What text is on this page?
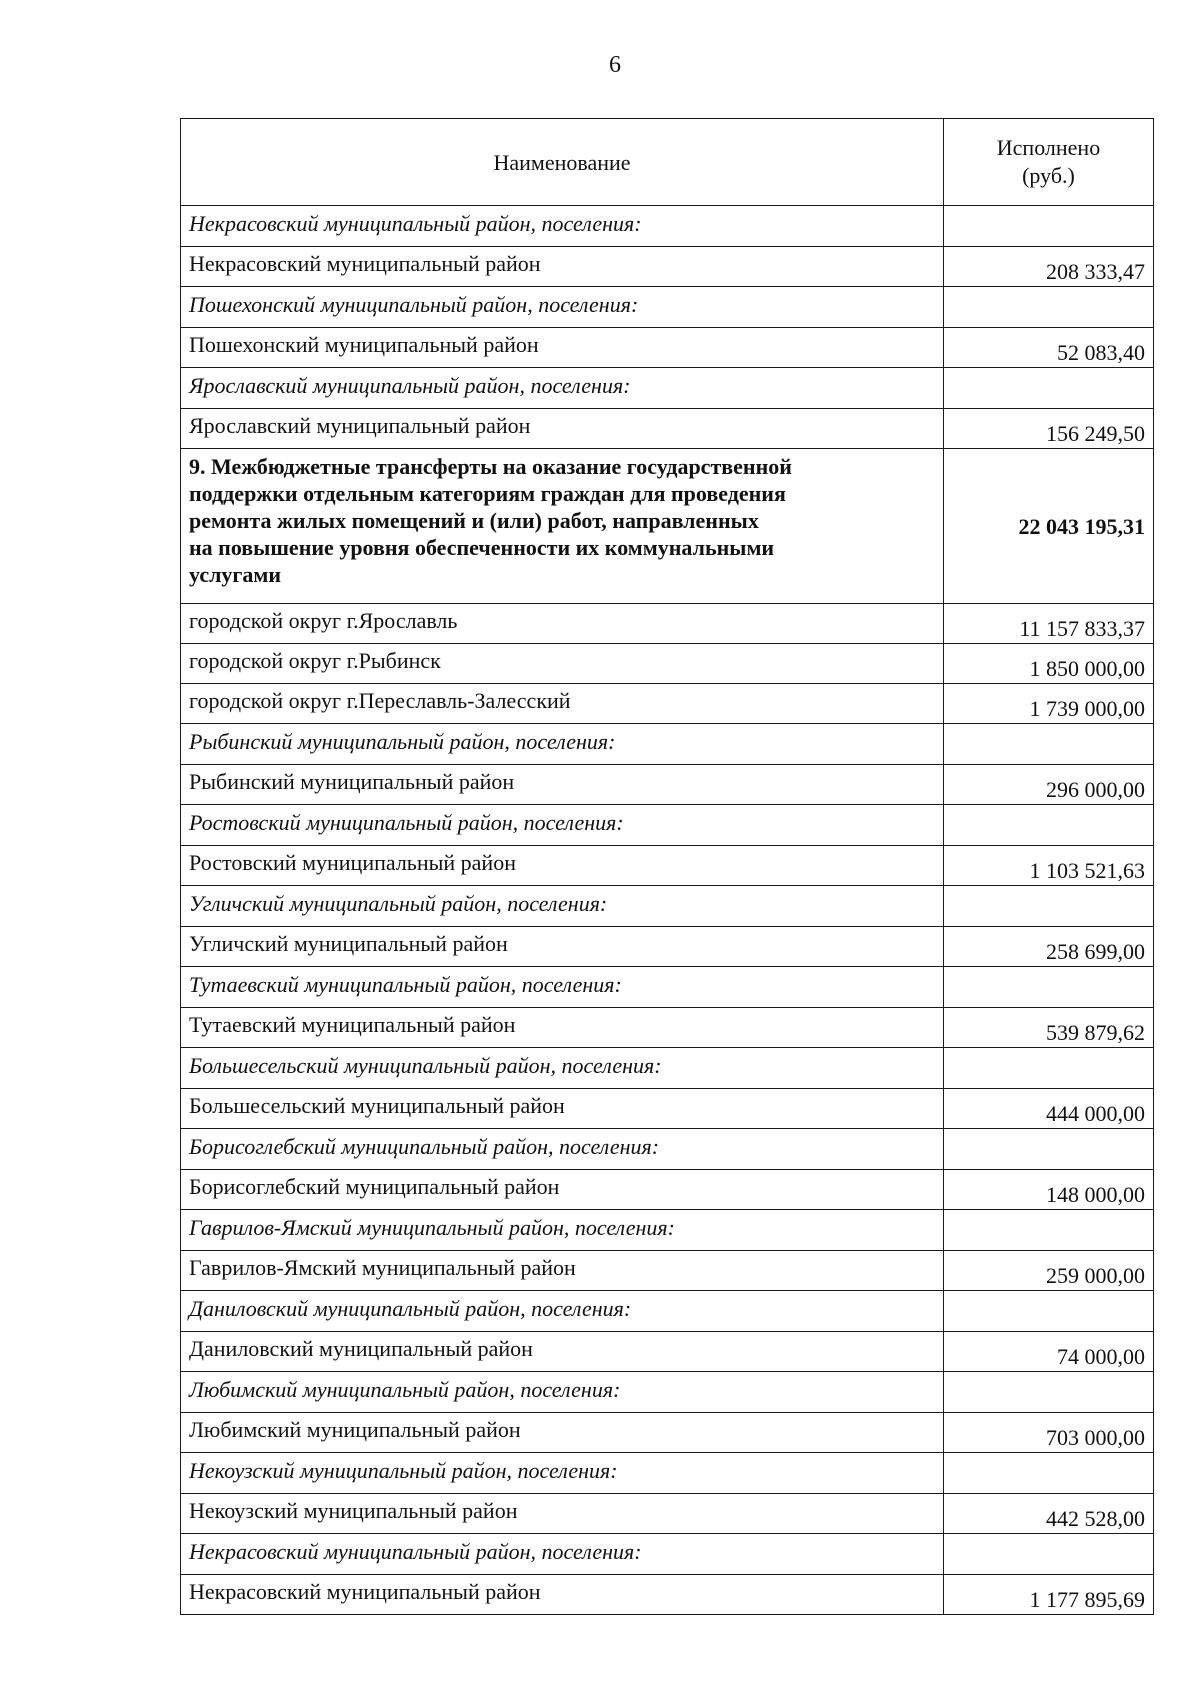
6
Наименование	Исполнено
(руб.)
Некрасовский муниципальный район, поселения:	
Некрасовский муниципальный район	208 333,47
Пошехонский муниципальный район, поселения:	
Пошехонский муниципальный район	52 083,40
Ярославский муниципальный район, поселения:	
Ярославский муниципальный район	156 249,50
9. Межбюджетные трансферты на оказание государственной
поддержки отдельным категориям граждан для проведения
ремонта жилых помещений и (или) работ, направленных
на повышение уровня обеспеченности их коммунальными
услугами	22 043 195,31
городской округ г.Ярославль	11 157 833,37
городской округ г.Рыбинск	1 850 000,00
городской округ г.Переславль-Залесский	1 739 000,00
Рыбинский муниципальный район, поселения:	
Рыбинский муниципальный район	296 000,00
Ростовский муниципальный район, поселения:	
Ростовский муниципальный район	1 103 521,63
Угличский муниципальный район, поселения:	
Угличский муниципальный район	258 699,00
Тутаевский муниципальный район, поселения:	
Тутаевский муниципальный район	539 879,62
Большесельский муниципальный район, поселения:	
Большесельский муниципальный район	444 000,00
Борисоглебский муниципальный район, поселения:	
Борисоглебский муниципальный район	148 000,00
Гаврилов-Ямский муниципальный район, поселения:	
Гаврилов-Ямский муниципальный район	259 000,00
Даниловский муниципальный район, поселения:	
Даниловский муниципальный район	74 000,00
Любимский муниципальный район, поселения:	
Любимский муниципальный район	703 000,00
Некоузский муниципальный район, поселения:	
Некоузский муниципальный район	442 528,00
Некрасовский муниципальный район, поселения:	
Некрасовский муниципальный район	1 177 895,69
